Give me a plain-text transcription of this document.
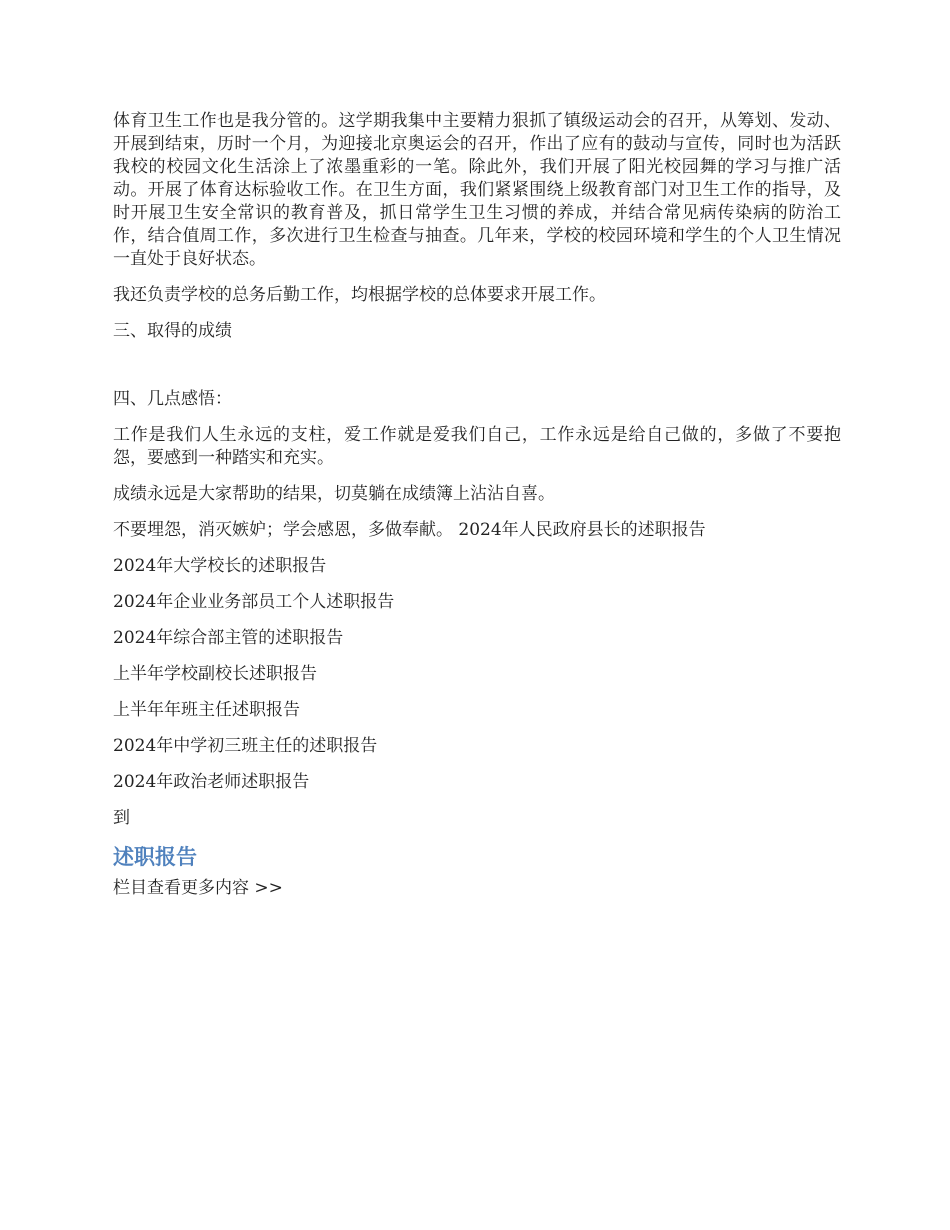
体育卫生工作也是我分管的。这学期我集中主要精力狠抓了镇级运动会的召开，从筹划、发动、开展到结束，历时一个月，为迎接北京奥运会的召开，作出了应有的鼓动与宣传，同时也为活跃我校的校园文化生活涂上了浓墨重彩的一笔。除此外，我们开展了阳光校园舞的学习与推广活动。开展了体育达标验收工作。在卫生方面，我们紧紧围绕上级教育部门对卫生工作的指导，及时开展卫生安全常识的教育普及，抓日常学生卫生习惯的养成，并结合常见病传染病的防治工作，结合值周工作，多次进行卫生检查与抽查。几年来，学校的校园环境和学生的个人卫生情况一直处于良好状态。

我还负责学校的总务后勤工作，均根据学校的总体要求开展工作。

三、取得的成绩

四、几点感悟：

工作是我们人生永远的支柱，爱工作就是爱我们自己，工作永远是给自己做的，多做了不要抱怨，要感到一种踏实和充实。

成绩永远是大家帮助的结果，切莫躺在成绩簿上沾沾自喜。

不要埋怨，消灭嫉妒；学会感恩，多做奉献。 2024年人民政府县长的述职报告

2024年大学校长的述职报告

2024年企业业务部员工个人述职报告

2024年综合部主管的述职报告

上半年学校副校长述职报告

上半年年班主任述职报告

2024年中学初三班主任的述职报告

2024年政治老师述职报告

到

述职报告

栏目查看更多内容 >>
